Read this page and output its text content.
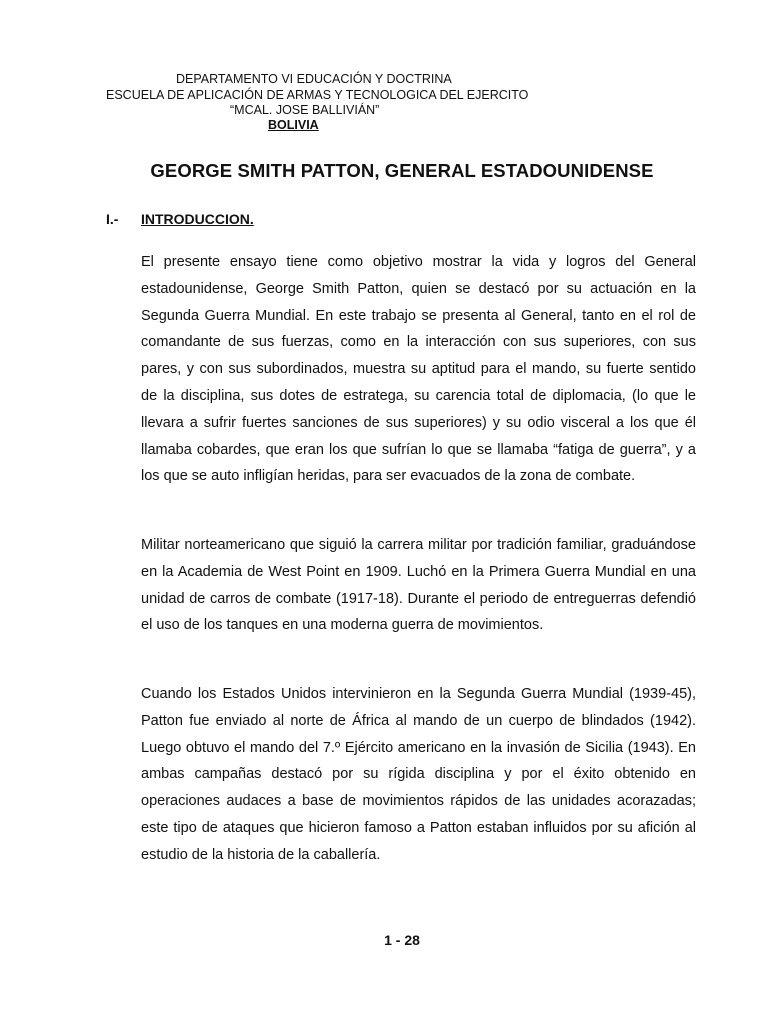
DEPARTAMENTO VI EDUCACIÓN Y DOCTRINA
ESCUELA DE APLICACIÓN DE ARMAS Y TECNOLOGICA DEL EJERCITO
“MCAL. JOSE BALLIVIÁN”
BOLIVIA
GEORGE SMITH PATTON, GENERAL ESTADOUNIDENSE
I.- INTRODUCCION.

El presente ensayo tiene como objetivo mostrar la vida y logros del General estadounidense, George Smith Patton, quien se destacó por su actuación en la Segunda Guerra Mundial. En este trabajo se presenta al General, tanto en el rol de comandante de sus fuerzas, como en la interacción con sus superiores, con sus pares, y con sus subordinados, muestra su aptitud para el mando, su fuerte sentido de la disciplina, sus dotes de estratega, su carencia total de diplomacia, (lo que le llevara a sufrir fuertes sanciones de sus superiores) y su odio visceral a los que él llamaba cobardes, que eran los que sufrían lo que se llamaba “fatiga de guerra”, y a los que se auto infligían heridas, para ser evacuados de la zona de combate.

Militar norteamericano que siguió la carrera militar por tradición familiar, graduándose en la Academia de West Point en 1909. Luchó en la Primera Guerra Mundial en una unidad de carros de combate (1917-18). Durante el periodo de entreguerras defendió el uso de los tanques en una moderna guerra de movimientos.

Cuando los Estados Unidos intervinieron en la Segunda Guerra Mundial (1939-45), Patton fue enviado al norte de África al mando de un cuerpo de blindados (1942). Luego obtuvo el mando del 7.º Ejército americano en la invasión de Sicilia (1943). En ambas campañas destacó por su rígida disciplina y por el éxito obtenido en operaciones audaces a base de movimientos rápidos de las unidades acorazadas; este tipo de ataques que hicieron famoso a Patton estaban influidos por su afición al estudio de la historia de la caballería.

1 - 28
